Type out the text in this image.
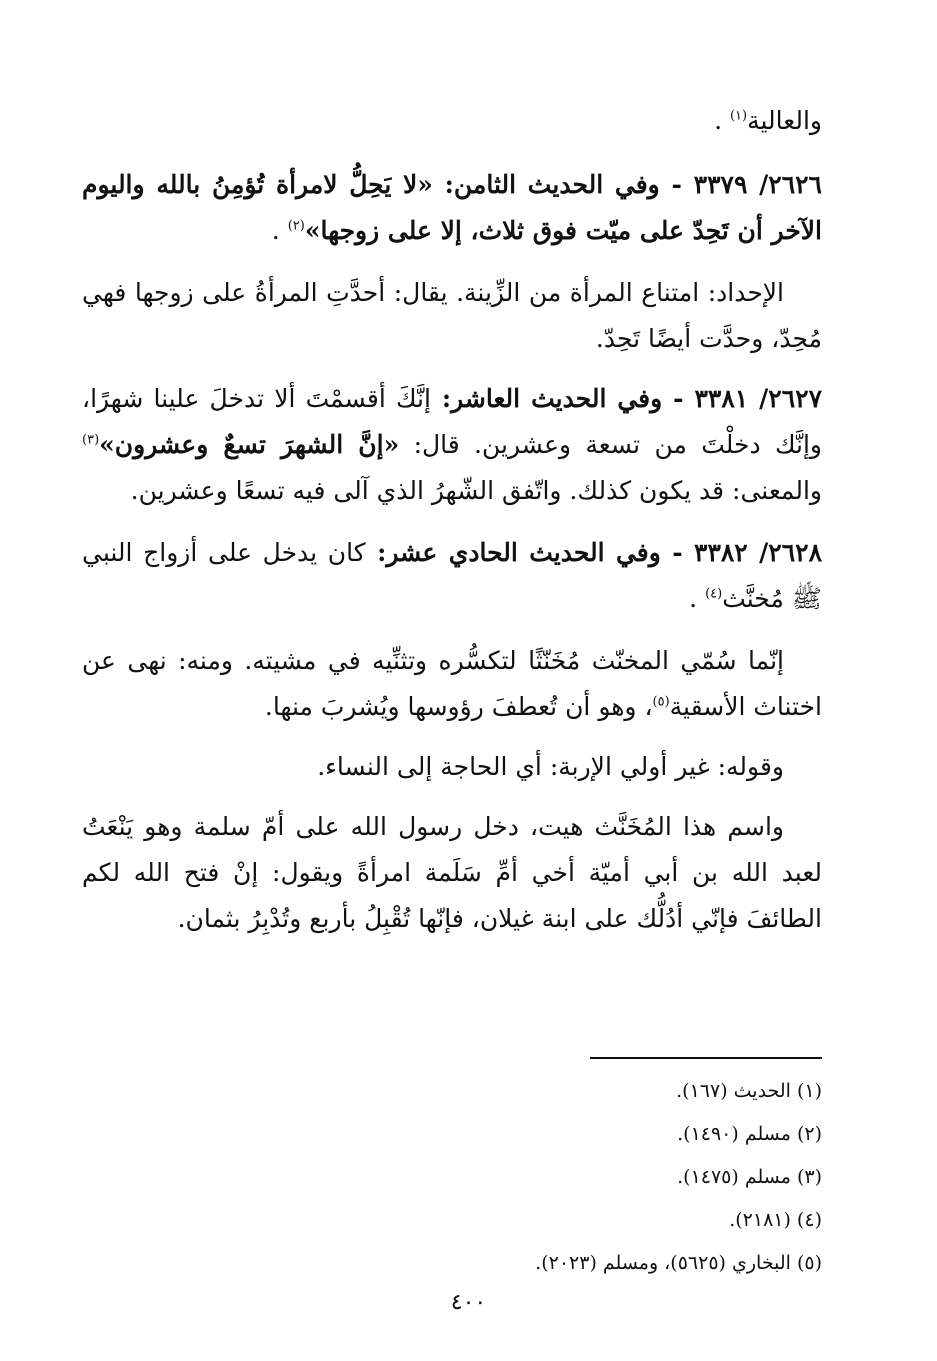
والعالية$^{(١)}$ .

٢٦٢٦/ ٣٣٧٩ - وفي الحديث الثامن: «لا يَحِلُّ لامرأة تُؤمِنُ بالله واليوم الآخر أن تَحِدّ على ميّت فوق ثلاث، إلا على زوجها»$^{(٢)}$ .

الإحداد: امتناع المرأة من الزِّينة. يقال: أحدَّتِ المرأةُ على زوجها فهي مُحِدّ، وحدَّت أيضًا تَحِدّ.

٢٦٢٧/ ٣٣٨١ - وفي الحديث العاشر: إنَّكَ أقسمْتَ ألا تدخلَ علينا شهرًا، وإنَّك دخلْتَ من تسعة وعشرين. قال: «إنَّ الشهرَ تسعٌ وعشرون»$^{(٣)}$ والمعنى: قد يكون كذلك. واتّفق الشّهرُ الذي آلى فيه تسعًا وعشرين.

٢٦٢٨/ ٣٣٨٢ - وفي الحديث الحادي عشر: كان يدخل على أزواج النبي ﷺ مُخنَّث$^{(٤)}$ .

إنّما سُمّي المخنّث مُخَنّثًا لتكسُّره وتثنِّيه في مشيته. ومنه: نهى عن اختناث الأسقية$^{(٥)}$، وهو أن تُعطفَ رؤوسها ويُشربَ منها.

وقوله: غير أولي الإربة: أي الحاجة إلى النساء.

واسم هذا المُخَنَّث هيت، دخل رسول الله على أمّ سلمة وهو يَنْعَتُ لعبد الله بن أبي أميّة أخي أمِّ سَلَمة امرأةً ويقول: إنْ فتح الله لكم الطائفَ فإنّي أدُلُّك على ابنة غيلان، فإنّها تُقْبِلُ بأربع وتُدْبِرُ بثمان.

(١) الحديث (١٦٧).
(٢) مسلم (١٤٩٠).
(٣) مسلم (١٤٧٥).
(٤) (٢١٨١).
(٥) البخاري (٥٦٢٥)، ومسلم (٢٠٢٣).
٤٠٠
